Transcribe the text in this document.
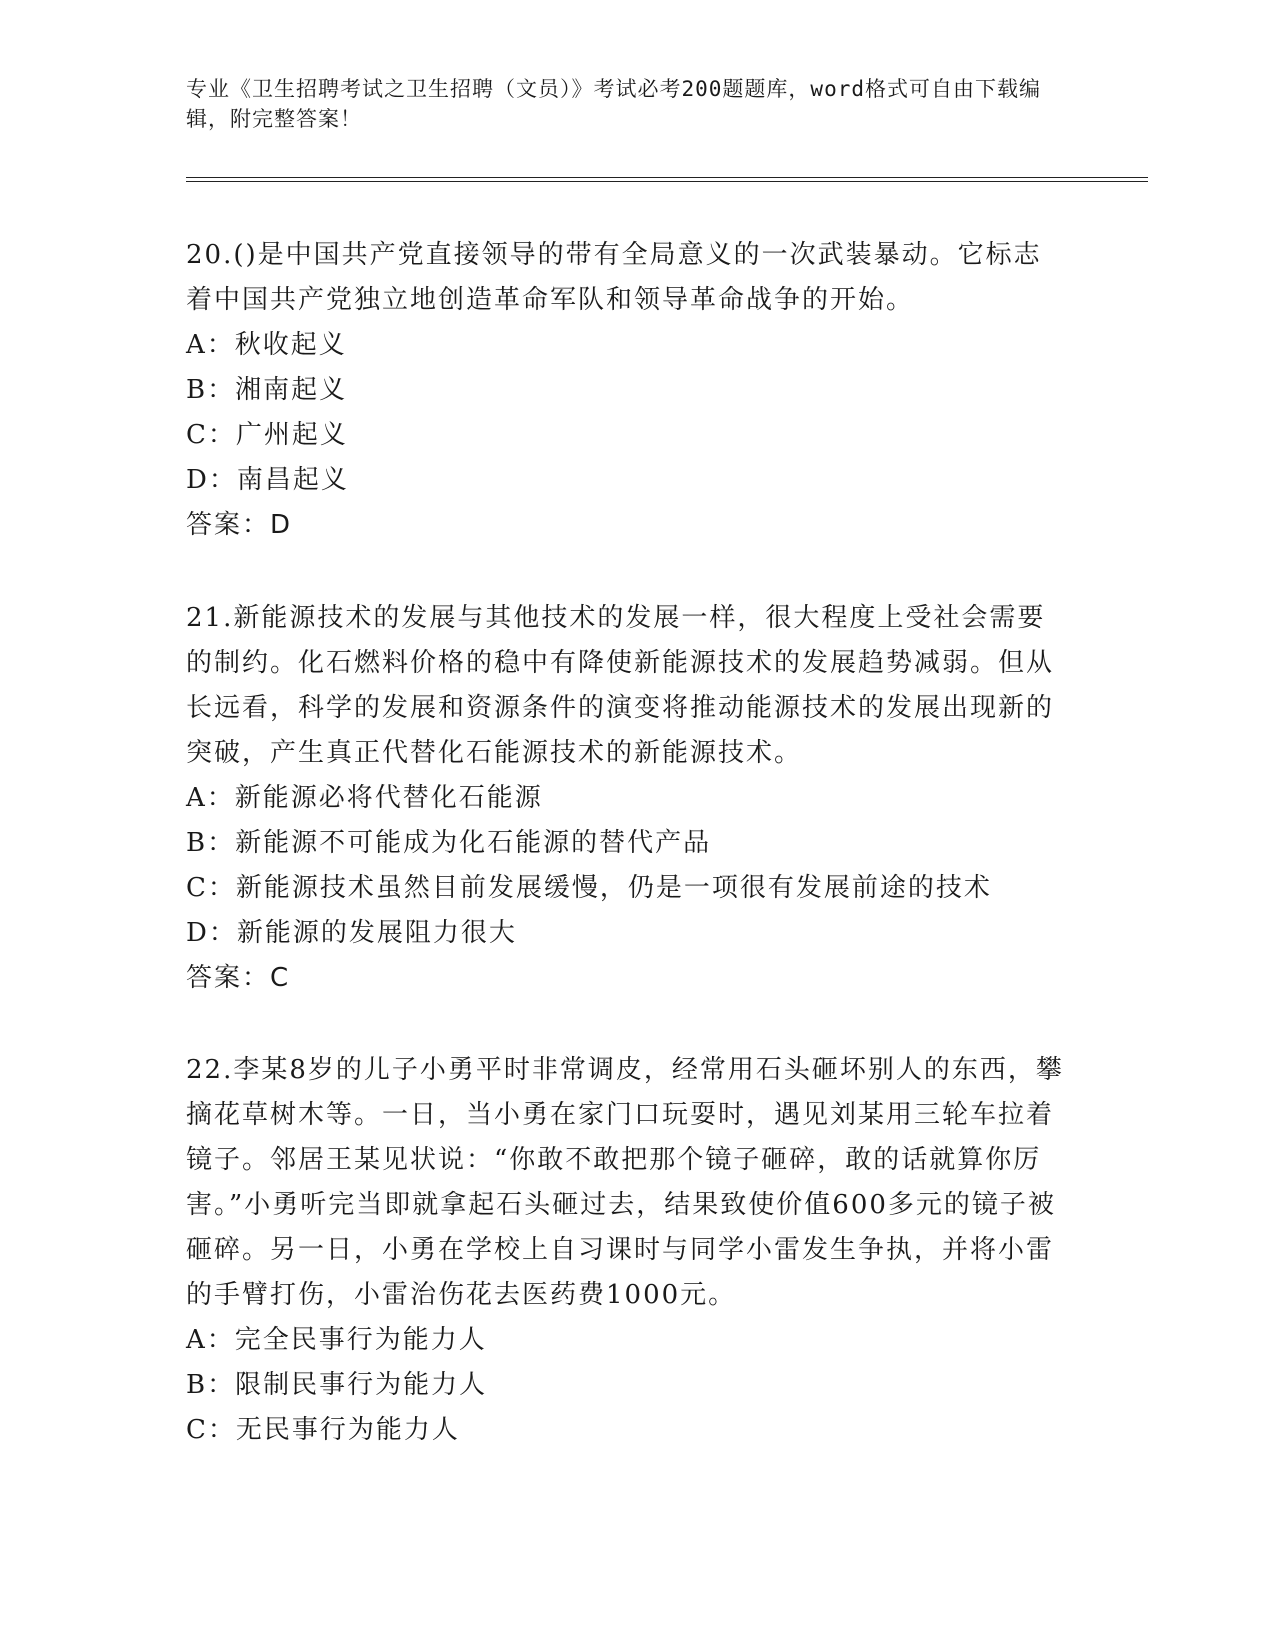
专业《卫生招聘考试之卫生招聘（文员）》考试必考200题题库，word格式可自由下载编辑，附完整答案！

20.()是中国共产党直接领导的带有全局意义的一次武装暴动。它标志着中国共产党独立地创造革命军队和领导革命战争的开始。

A：秋收起义

B：湘南起义

C：广州起义

D：南昌起义

答案：D

21.新能源技术的发展与其他技术的发展一样，很大程度上受社会需要的制约。化石燃料价格的稳中有降使新能源技术的发展趋势减弱。但从长远看，科学的发展和资源条件的演变将推动能源技术的发展出现新的突破，产生真正代替化石能源技术的新能源技术。

A：新能源必将代替化石能源

B：新能源不可能成为化石能源的替代产品

C：新能源技术虽然目前发展缓慢，仍是一项很有发展前途的技术

D：新能源的发展阻力很大

答案：C

22.李某8岁的儿子小勇平时非常调皮，经常用石头砸坏别人的东西，攀摘花草树木等。一日，当小勇在家门口玩耍时，遇见刘某用三轮车拉着镜子。邻居王某见状说：“你敢不敢把那个镜子砸碎，敢的话就算你厉害。”小勇听完当即就拿起石头砸过去，结果致使价值600多元的镜子被砸碎。另一日，小勇在学校上自习课时与同学小雷发生争执，并将小雷的手臂打伤，小雷治伤花去医药费1000元。

A：完全民事行为能力人

B：限制民事行为能力人

C：无民事行为能力人
